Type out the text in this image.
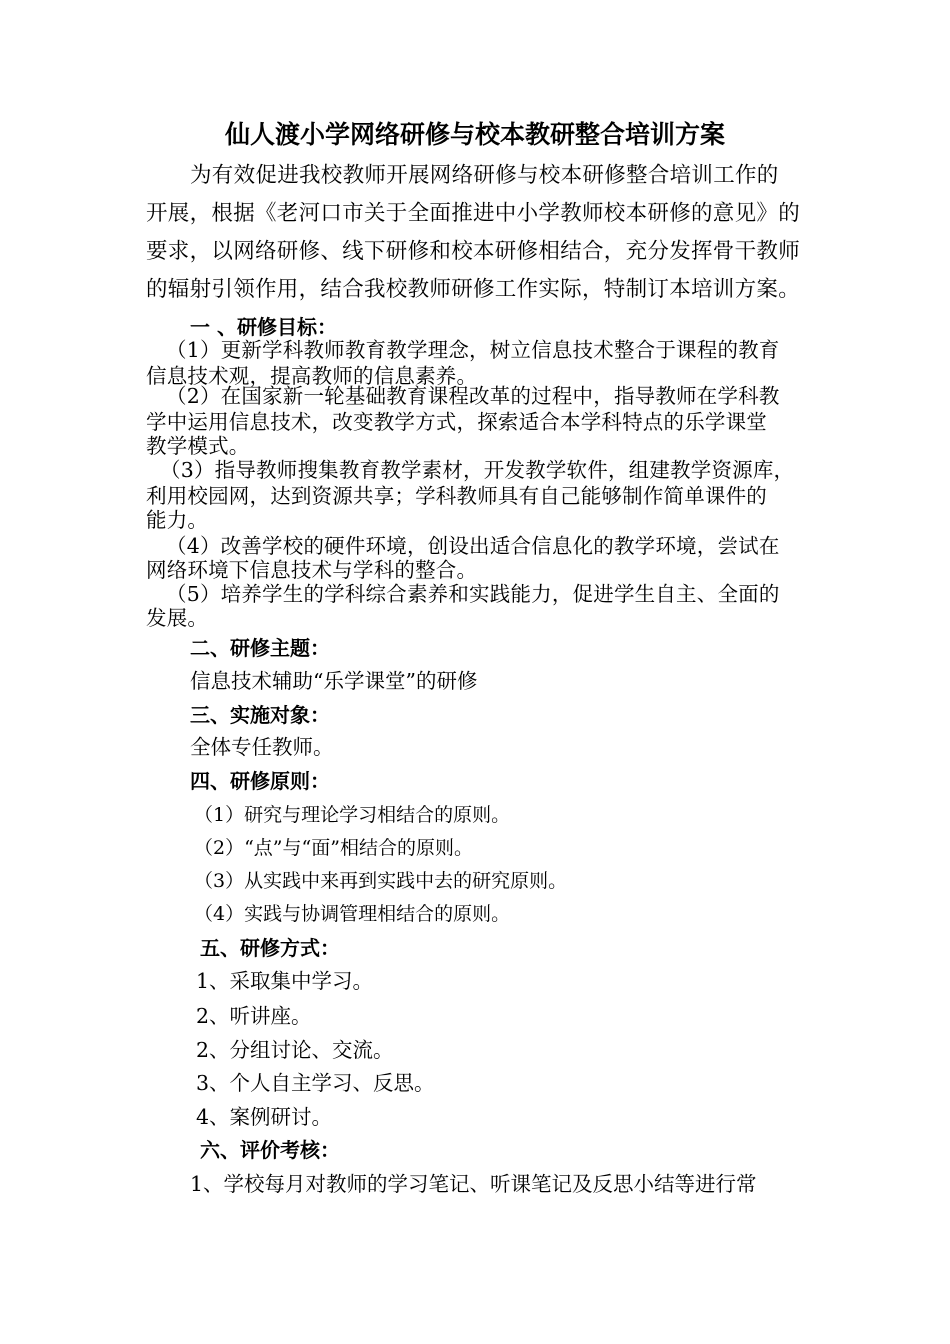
仙人渡小学网络研修与校本教研整合培训方案
为有效促进我校教师开展网络研修与校本研修整合培训工作的
开展，根据《老河口市关于全面推进中小学教师校本研修的意见》的
要求，以网络研修、线下研修和校本研修相结合，充分发挥骨干教师
的辐射引领作用，结合我校教师研修工作实际，特制订本培训方案。
一 、研修目标：
（1）更新学科教师教育教学理念，树立信息技术整合于课程的教育
信息技术观，提高教师的信息素养。
（2）在国家新一轮基础教育课程改革的过程中，指导教师在学科教
学中运用信息技术，改变教学方式，探索适合本学科特点的乐学课堂
教学模式。
（3）指导教师搜集教育教学素材，开发教学软件，组建教学资源库，
利用校园网，达到资源共享；学科教师具有自己能够制作简单课件的
能力。
（4）改善学校的硬件环境，创设出适合信息化的教学环境，尝试在
网络环境下信息技术与学科的整合。
（5）培养学生的学科综合素养和实践能力，促进学生自主、全面的
发展。
二、研修主题：
信息技术辅助“乐学课堂”的研修
三、实施对象：
全体专任教师。
四、研修原则：
（1）研究与理论学习相结合的原则。
（2）“点”与“面”相结合的原则。
（3）从实践中来再到实践中去的研究原则。
（4）实践与协调管理相结合的原则。
五、研修方式：
1、采取集中学习。
2、听讲座。
2、分组讨论、交流。
3、个人自主学习、反思。
4、案例研讨。
六、评价考核：
1、学校每月对教师的学习笔记、听课笔记及反思小结等进行常
